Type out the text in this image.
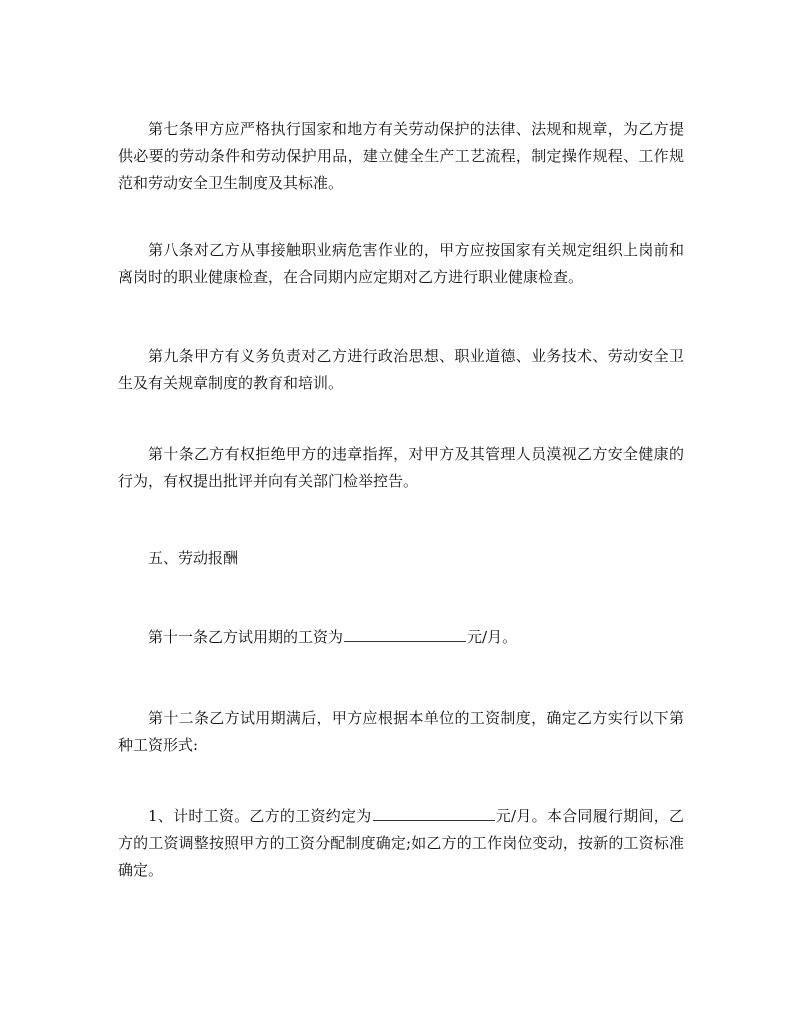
第七条甲方应严格执行国家和地方有关劳动保护的法律、法规和规章，为乙方提供必要的劳动条件和劳动保护用品，建立健全生产工艺流程，制定操作规程、工作规范和劳动安全卫生制度及其标准。

第八条对乙方从事接触职业病危害作业的，甲方应按国家有关规定组织上岗前和离岗时的职业健康检查，在合同期内应定期对乙方进行职业健康检查。

第九条甲方有义务负责对乙方进行政治思想、职业道德、业务技术、劳动安全卫生及有关规章制度的教育和培训。

第十条乙方有权拒绝甲方的违章指挥，对甲方及其管理人员漠视乙方安全健康的行为，有权提出批评并向有关部门检举控告。

五、劳动报酬

第十一条乙方试用期的工资为	元/月。

第十二条乙方试用期满后，甲方应根据本单位的工资制度，确定乙方实行以下第种工资形式:

1、计时工资。乙方的工资约定为	元/月。本合同履行期间，乙方的工资调整按照甲方的工资分配制度确定;如乙方的工作岗位变动，按新的工资标准确定。
